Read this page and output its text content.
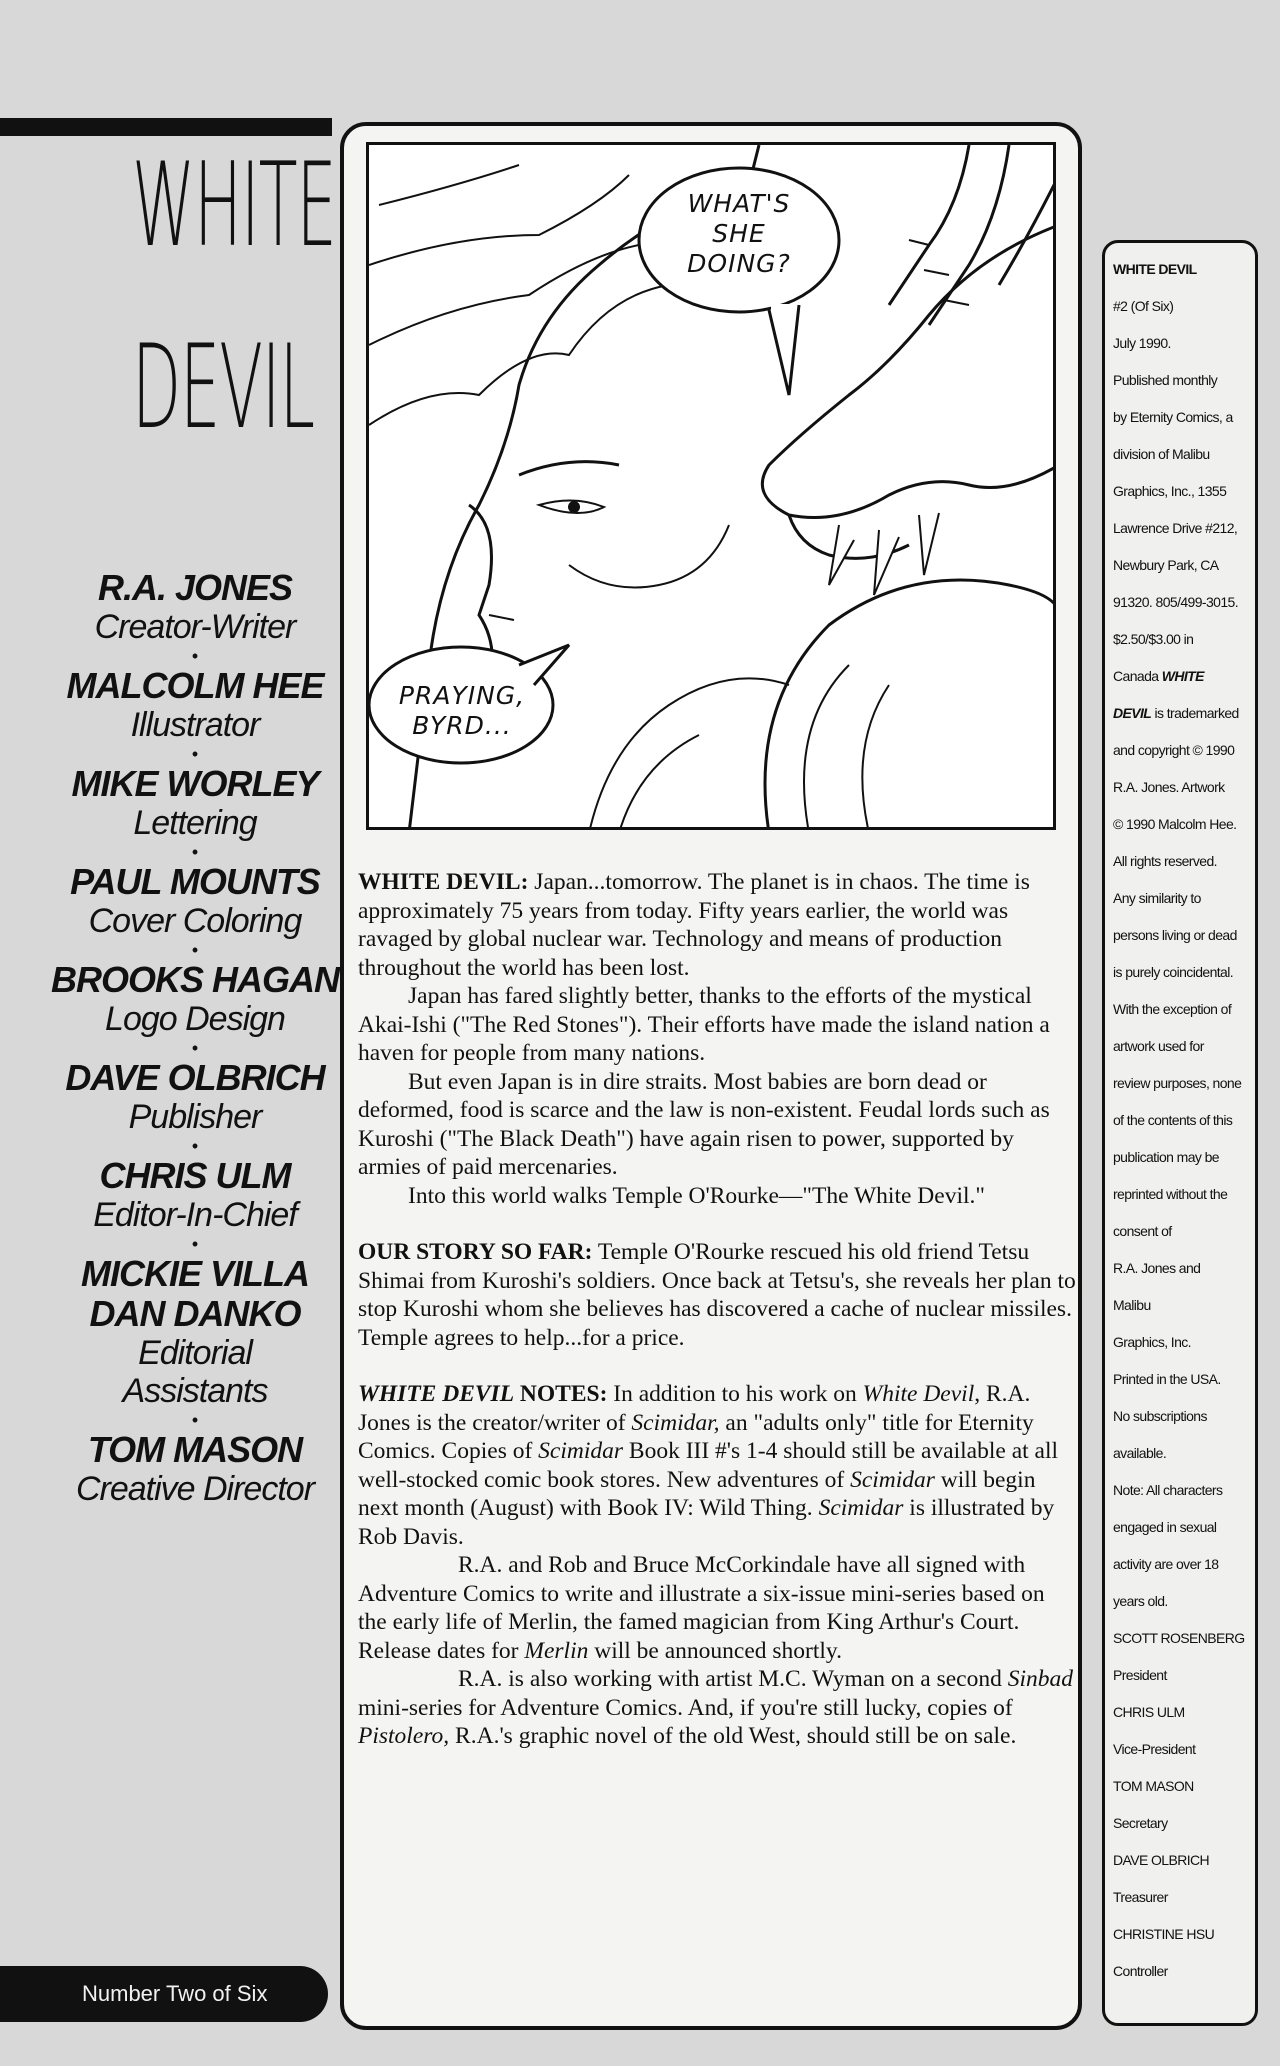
WHITE
DEVIL
R.A. JONES
Creator-Writer
•
MALCOLM HEE
Illustrator
•
MIKE WORLEY
Lettering
•
PAUL MOUNTS
Cover Coloring
•
BROOKS HAGAN
Logo Design
•
DAVE OLBRICH
Publisher
•
CHRIS ULM
Editor-In-Chief
•
MICKIE VILLA
DAN DANKO
Editorial
Assistants
•
TOM MASON
Creative Director
Number Two of Six
WHAT'S
SHE
DOING?
PRAYING,
BYRD...

WHITE DEVIL: Japan...tomorrow. The planet is in chaos. The time is approximately 75 years from today. Fifty years earlier, the world was ravaged by global nuclear war. Technology and means of production throughout the world has been lost.

Japan has fared slightly better, thanks to the efforts of the mystical Akai-Ishi ("The Red Stones"). Their efforts have made the island nation a haven for people from many nations.

But even Japan is in dire straits. Most babies are born dead or deformed, food is scarce and the law is non-existent. Feudal lords such as Kuroshi ("The Black Death") have again risen to power, supported by armies of paid mercenaries.

Into this world walks Temple O'Rourke—"The White Devil."

OUR STORY SO FAR: Temple O'Rourke rescued his old friend Tetsu Shimai from Kuroshi's soldiers. Once back at Tetsu's, she reveals her plan to stop Kuroshi whom she believes has discovered a cache of nuclear missiles. Temple agrees to help...for a price.

WHITE DEVIL NOTES: In addition to his work on White Devil, R.A. Jones is the creator/writer of Scimidar, an "adults only" title for Eternity Comics. Copies of Scimidar Book III #'s 1-4 should still be available at all well-stocked comic book stores. New adventures of Scimidar will begin next month (August) with Book IV: Wild Thing. Scimidar is illustrated by Rob Davis.

R.A. and Rob and Bruce McCorkindale have all signed with Adventure Comics to write and illustrate a six-issue mini-series based on the early life of Merlin, the famed magician from King Arthur's Court. Release dates for Merlin will be announced shortly.

R.A. is also working with artist M.C. Wyman on a second Sinbad mini-series for Adventure Comics. And, if you're still lucky, copies of Pistolero, R.A.'s graphic novel of the old West, should still be on sale.

WHITE DEVIL
#2 (Of Six)
July 1990.
Published monthly
by Eternity Comics, a
division of Malibu
Graphics, Inc., 1355
Lawrence Drive #212,
Newbury Park, CA
91320. 805/499-3015.
$2.50/$3.00 in
Canada WHITE
DEVIL is trademarked
and copyright © 1990
R.A. Jones. Artwork
© 1990 Malcolm Hee.
All rights reserved.
Any similarity to
persons living or dead
is purely coincidental.
With the exception of
artwork used for
review purposes, none
of the contents of this
publication may be
reprinted without the
consent of
R.A. Jones and
Malibu
Graphics, Inc.
Printed in the USA.
No subscriptions
available.
Note: All characters
engaged in sexual
activity are over 18
years old.
SCOTT ROSENBERG
President
CHRIS ULM
Vice-President
TOM MASON
Secretary
DAVE OLBRICH
Treasurer
CHRISTINE HSU
Controller
